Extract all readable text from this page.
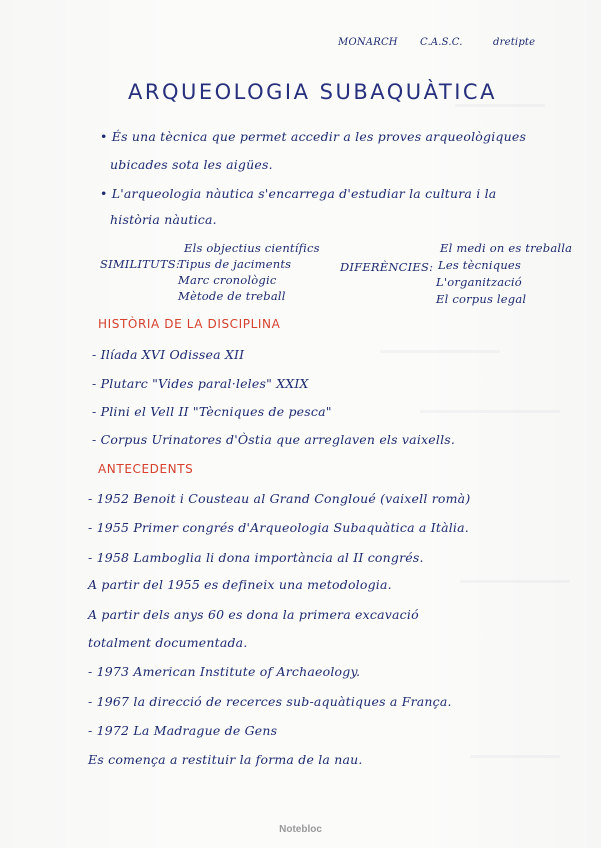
MONARCH C.A.S.C.	dretipte
ARQUEOLOGIA SUBAQUÀTICA
• És una tècnica que permet accedir a les proves arqueològiques
ubicades sota les aigües.
• L'arqueologia nàutica s'encarrega d'estudiar la cultura i la
història nàutica.
SIMILITUTS:
Els objectius científics
Tipus de jaciments
Marc cronològic
Mètode de treball
DIFERÈNCIES:
El medi on es treballa
Les tècniques
L'organització
El corpus legal
HISTÒRIA DE LA DISCIPLINA
- Ilíada XVI Odissea XII
- Plutarc "Vides paral·leles" XXIX
- Plini el Vell II "Tècniques de pesca"
- Corpus Urinatores d'Òstia que arreglaven els vaixells.
ANTECEDENTS
- 1952 Benoit i Cousteau al Grand Congloué (vaixell romà)
- 1955 Primer congrés d'Arqueologia Subaquàtica a Itàlia.
- 1958 Lamboglia li dona importància al II congrés.
A partir del 1955 es defineix una metodologia.
A partir dels anys 60 es dona la primera excavació
totalment documentada.
- 1973 American Institute of Archaeology.
- 1967 la direcció de recerces sub-aquàtiques a França.
- 1972 La Madrague de Gens
Es comença a restituir la forma de la nau.
Notebloc
